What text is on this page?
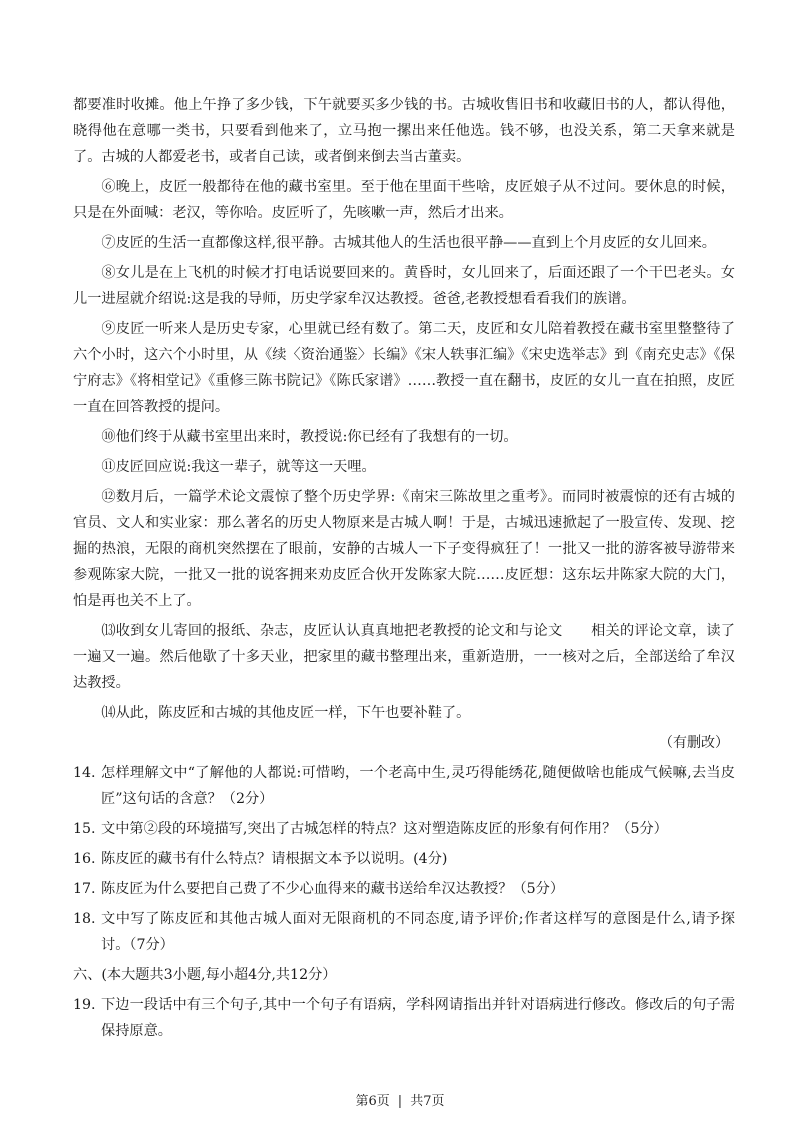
都要准时收摊。他上午挣了多少钱，下午就要买多少钱的书。古城收售旧书和收藏旧书的人，都认得他，晓得他在意哪一类书，只要看到他来了，立马抱一摞出来任他选。钱不够，也没关系，第二天拿来就是了。古城的人都爱老书，或者自己读，或者倒来倒去当古董卖。

⑥晚上，皮匠一般都待在他的藏书室里。至于他在里面干些啥，皮匠娘子从不过问。要休息的时候，只是在外面喊：老汉，等你哈。皮匠听了，先咳嗽一声，然后才出来。

⑦皮匠的生活一直都像这样,很平静。古城其他人的生活也很平静——直到上个月皮匠的女儿回来。

⑧女儿是在上飞机的时候才打电话说要回来的。黄昏时，女儿回来了，后面还跟了一个干巴老头。女儿一进屋就介绍说:这是我的导师，历史学家牟汉达教授。爸爸,老教授想看看我们的族谱。

⑨皮匠一听来人是历史专家，心里就已经有数了。第二天，皮匠和女儿陪着教授在藏书室里整整待了六个小时，这六个小时里，从《续〈资治通鉴〉长编》《宋人轶事汇编》《宋史选举志》到《南充史志》《保宁府志》《将相堂记》《重修三陈书院记》《陈氏家谱》……教授一直在翻书，皮匠的女儿一直在拍照，皮匠一直在回答教授的提问。

⑩他们终于从藏书室里出来时，教授说:你已经有了我想有的一切。

⑪皮匠回应说:我这一辈子，就等这一天哩。

⑫数月后，一篇学术论文震惊了整个历史学界:《南宋三陈故里之重考》。而同时被震惊的还有古城的官员、文人和实业家：那么著名的历史人物原来是古城人啊！于是，古城迅速掀起了一股宣传、发现、挖掘的热浪，无限的商机突然摆在了眼前，安静的古城人一下子变得疯狂了！一批又一批的游客被导游带来参观陈家大院，一批又一批的说客拥来劝皮匠合伙开发陈家大院……皮匠想：这东坛井陈家大院的大门，怕是再也关不上了。

⒀收到女儿寄回的报纸、杂志，皮匠认认真真地把老教授的论文和与论文　　相关的评论文章，读了一遍又一遍。然后他歇了十多天业，把家里的藏书整理出来，重新造册，一一核对之后，全部送给了牟汉达教授。

⒁从此，陈皮匠和古城的其他皮匠一样，下午也要补鞋了。

（有删改）

14. 怎样理解文中“了解他的人都说:可惜哟，一个老高中生,灵巧得能绣花,随便做啥也能成气候嘛,去当皮匠”这句话的含意？（2分）
15. 文中第②段的环境描写,突出了古城怎样的特点？这对塑造陈皮匠的形象有何作用？（5分）
16. 陈皮匠的藏书有什么特点？请根据文本予以说明。(4分)
17. 陈皮匠为什么要把自己费了不少心血得来的藏书送给牟汉达教授？（5分）
18. 文中写了陈皮匠和其他古城人面对无限商机的不同态度,请予评价;作者这样写的意图是什么,请予探讨。（7分）

六、(本大题共3小题,每小超4分,共12分）

19. 下边一段话中有三个句子,其中一个句子有语病，学科网请指出并针对语病进行修改。修改后的句子需保持原意。
第6页 | 共7页
